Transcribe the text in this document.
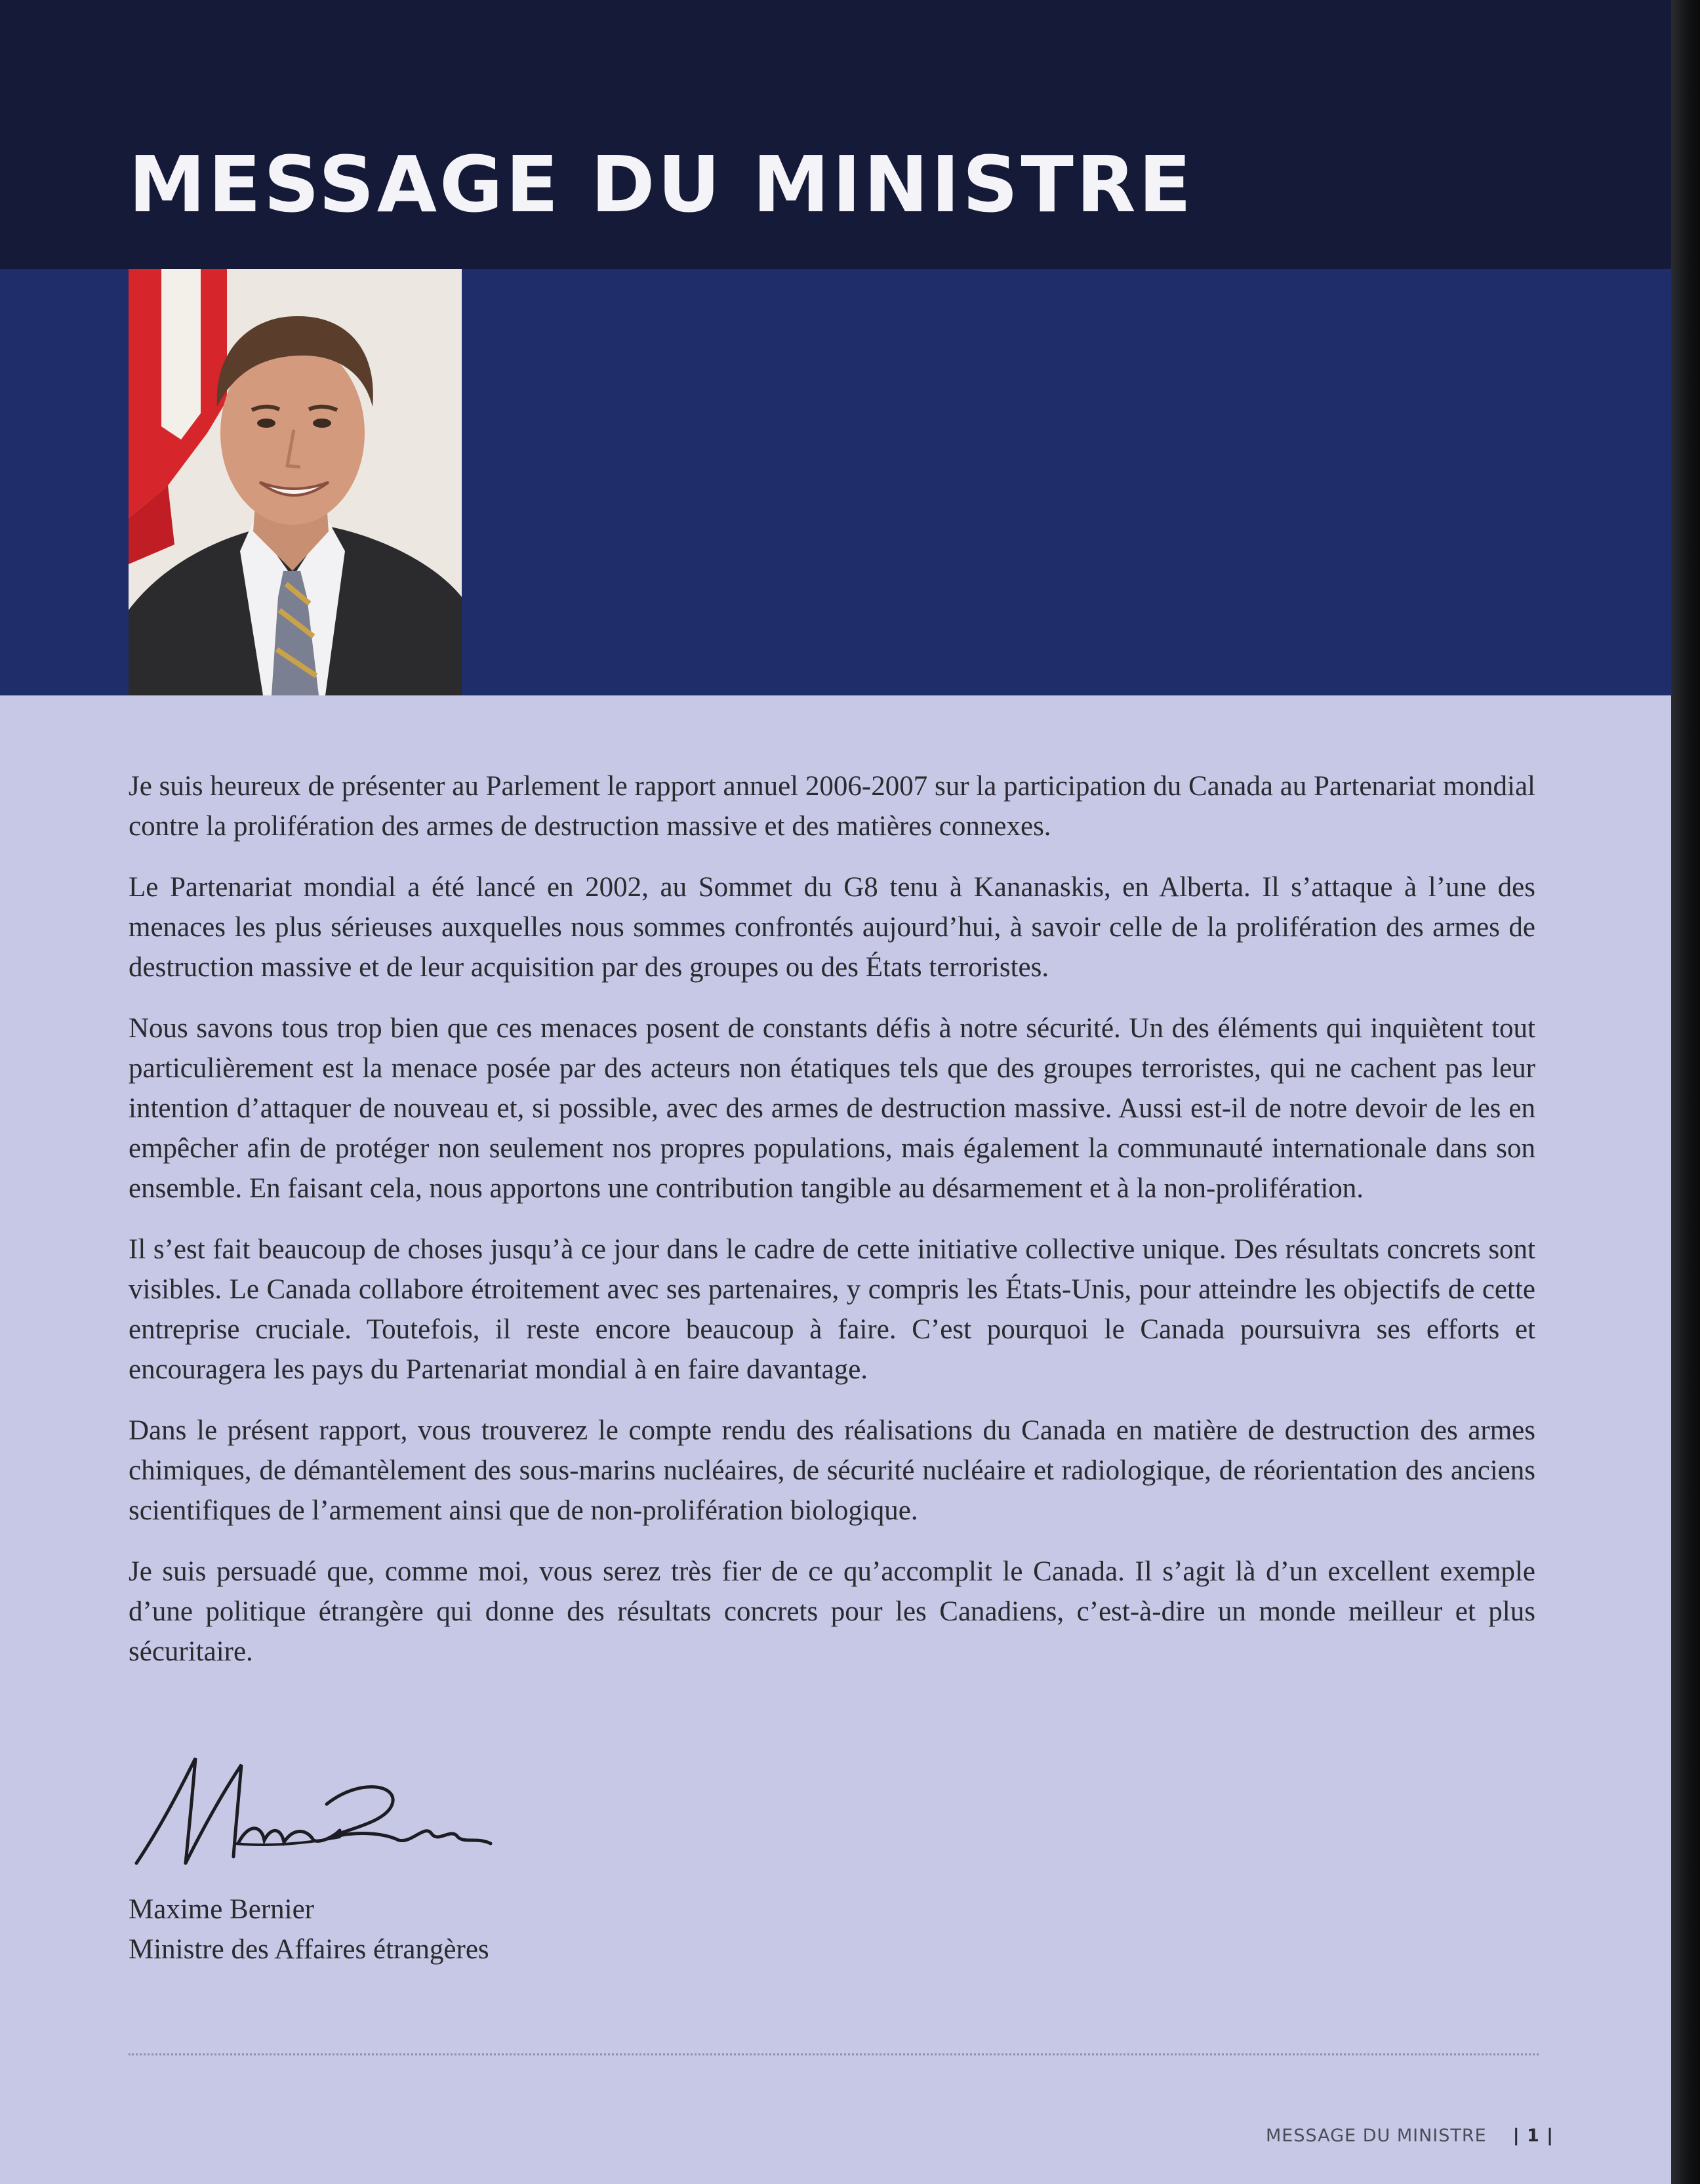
MESSAGE DU MINISTRE

Je suis heureux de présenter au Parlement le rapport annuel 2006-2007 sur la participation du Canada au Partenariat mondial contre la prolifération des armes de destruction massive et des matières connexes.

Le Partenariat mondial a été lancé en 2002, au Sommet du G8 tenu à Kananaskis, en Alberta. Il s’attaque à l’une des menaces les plus sérieuses auxquelles nous sommes confrontés aujourd’hui, à savoir celle de la prolifération des armes de destruction massive et de leur acquisition par des groupes ou des États terroristes.

Nous savons tous trop bien que ces menaces posent de constants défis à notre sécurité. Un des éléments qui inquiètent tout particulièrement est la menace posée par des acteurs non étatiques tels que des groupes terroristes, qui ne cachent pas leur intention d’attaquer de nouveau et, si possible, avec des armes de destruction massive. Aussi est-il de notre devoir de les en empêcher afin de protéger non seulement nos propres populations, mais également la communauté internationale dans son ensemble. En faisant cela, nous apportons une contribution tangible au désarmement et à la non-prolifération.

Il s’est fait beaucoup de choses jusqu’à ce jour dans le cadre de cette initiative collective unique. Des résultats concrets sont visibles. Le Canada collabore étroitement avec ses partenaires, y compris les États-Unis, pour atteindre les objectifs de cette entreprise cruciale. Toutefois, il reste encore beaucoup à faire. C’est pourquoi le Canada poursuivra ses efforts et encouragera les pays du Partenariat mondial à en faire davantage.

Dans le présent rapport, vous trouverez le compte rendu des réalisations du Canada en matière de destruction des armes chimiques, de démantèlement des sous-marins nucléaires, de sécurité nucléaire et radiologique, de réorientation des anciens scientifiques de l’armement ainsi que de non-prolifération biologique.

Je suis persuadé que, comme moi, vous serez très fier de ce qu’accomplit le Canada. Il s’agit là d’un excellent exemple d’une politique étrangère qui donne des résultats concrets pour les Canadiens, c’est-à-dire un monde meilleur et plus sécuritaire.

Maxime Bernier
Ministre des Affaires étrangères
MESSAGE DU MINISTRE | 1 |
